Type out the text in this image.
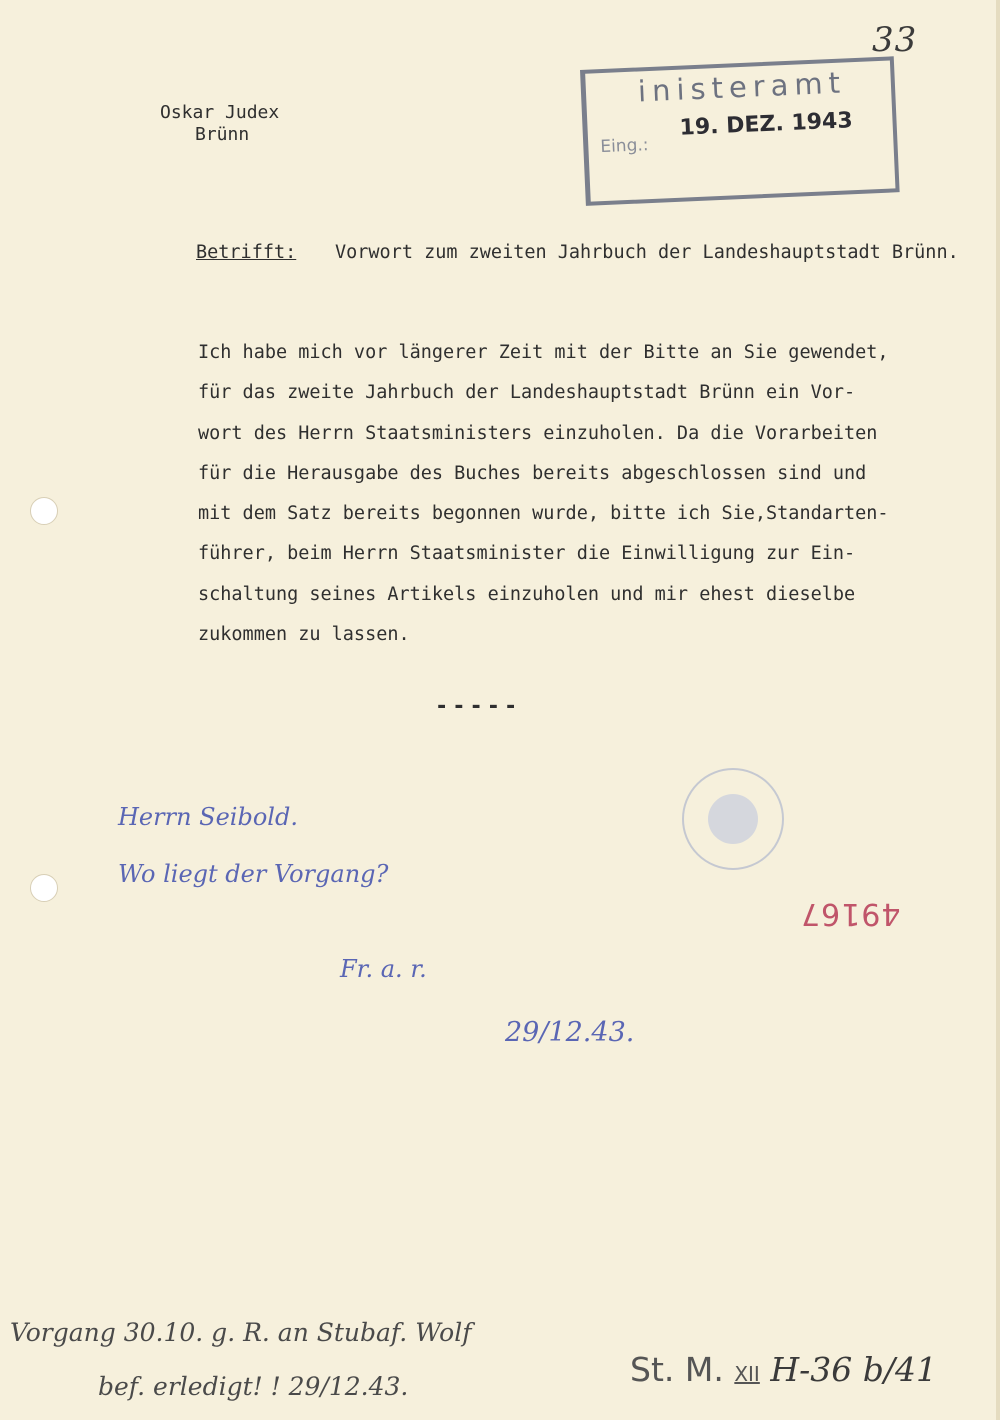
33
Oskar Judex
Brünn
inisteramt
Eing.:
19. DEZ. 1943
Betrifft: Vorwort zum zweiten Jahrbuch der Landeshauptstadt Brünn.
Ich habe mich vor längerer Zeit mit der Bitte an Sie gewendet,
für das zweite Jahrbuch der Landeshauptstadt Brünn ein Vor-
wort des Herrn Staatsministers einzuholen. Da die Vorarbeiten
für die Herausgabe des Buches bereits abgeschlossen sind und
mit dem Satz bereits begonnen wurde, bitte ich Sie,Standarten-
führer, beim Herrn Staatsminister die Einwilligung zur Ein-
schaltung seines Artikels einzuholen und mir ehest dieselbe
zukommen zu lassen.
-----
Herrn Seibold.
Wo liegt der Vorgang?
Fr. a. r.
29/12.43.
49167
Vorgang 30.10. g. R. an Stubaf. Wolf
bef. erledigt! ! 29/12.43.	St. M. XII H-36 b/41
